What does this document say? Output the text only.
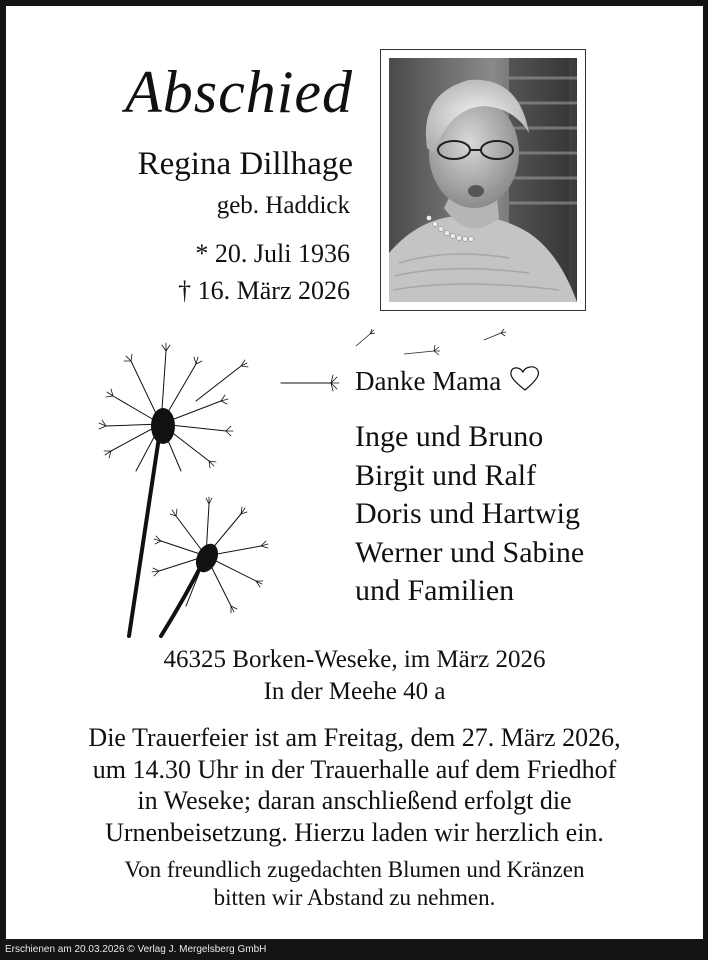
Abschied
Regina Dillhage
geb. Haddick
* 20. Juli 1936
† 16. März 2026
Danke Mama
Inge und Bruno
Birgit und Ralf
Doris und Hartwig
Werner und Sabine
und Familien
46325 Borken-Weseke, im März 2026
In der Meehe 40 a
Die Trauerfeier ist am Freitag, dem 27. März 2026,
um 14.30 Uhr in der Trauerhalle auf dem Friedhof
in Weseke; daran anschließend erfolgt die
Urnenbeisetzung. Hierzu laden wir herzlich ein.
Von freundlich zugedachten Blumen und Kränzen
bitten wir Abstand zu nehmen.
Erschienen am 20.03.2026 © Verlag J. Mergelsberg GmbH
